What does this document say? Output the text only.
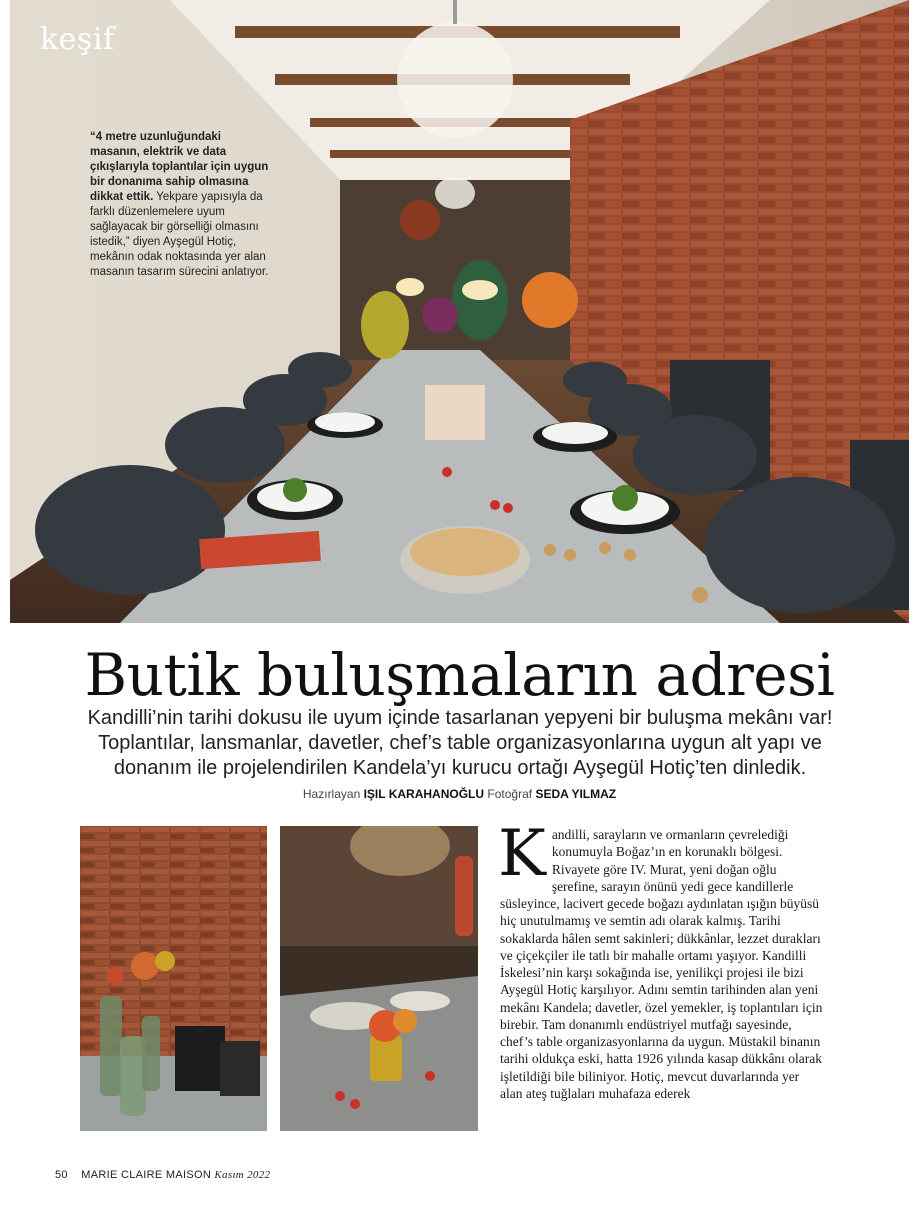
keşif
“4 metre uzunluğundaki masanın, elektrik ve data çıkışlarıyla toplantılar için uygun bir donanıma sahip olmasına dikkat ettik. Yekpare yapısıyla da farklı düzenlemelere uyum sağlayacak bir görselliği olmasını istedik,” diyen Ayşegül Hotiç, mekânın odak noktasında yer alan masanın tasarım sürecini anlatıyor.
Butik buluşmaların adresi
Kandilli’nin tarihi dokusu ile uyum içinde tasarlanan yepyeni bir buluşma mekânı var! Toplantılar, lansmanlar, davetler, chef’s table organizasyonlarına uygun alt yapı ve donanım ile projelendirilen Kandela’yı kurucu ortağı Ayşegül Hotiç’ten dinledik.
Hazırlayan IŞIL KARAHANOĞLU Fotoğraf SEDA YILMAZ
K andilli, sarayların ve ormanların çevrelediği konumuyla Boğaz’ın en korunaklı bölgesi. Rivayete göre IV. Murat, yeni doğan oğlu şerefine, sarayın önünü yedi gece kandillerle süsleyince, lacivert gecede boğazı aydınlatan ışığın büyüsü hiç unutulmamış ve semtin adı olarak kalmış. Tarihi sokaklarda hâlen semt sakinleri; dükkânlar, lezzet durakları ve çiçekçiler ile tatlı bir mahalle ortamı yaşıyor. Kandilli İskelesi’nin karşı sokağında ise, yenilikçi projesi ile bizi Ayşegül Hotiç karşılıyor. Adını semtin tarihinden alan yeni mekânı Kandela; davetler, özel yemekler, iş toplantıları için birebir. Tam donanımlı endüstriyel mutfağı sayesinde, chef’s table organizasyonlarına da uygun. Müstakil binanın tarihi oldukça eski, hatta 1926 yılında kasap dükkânı olarak işletildiği bile biliniyor. Hotiç, mevcut duvarlarında yer alan ateş tuğlaları muhafaza ederek
50 MARIE CLAIRE MAISON Kasım 2022
